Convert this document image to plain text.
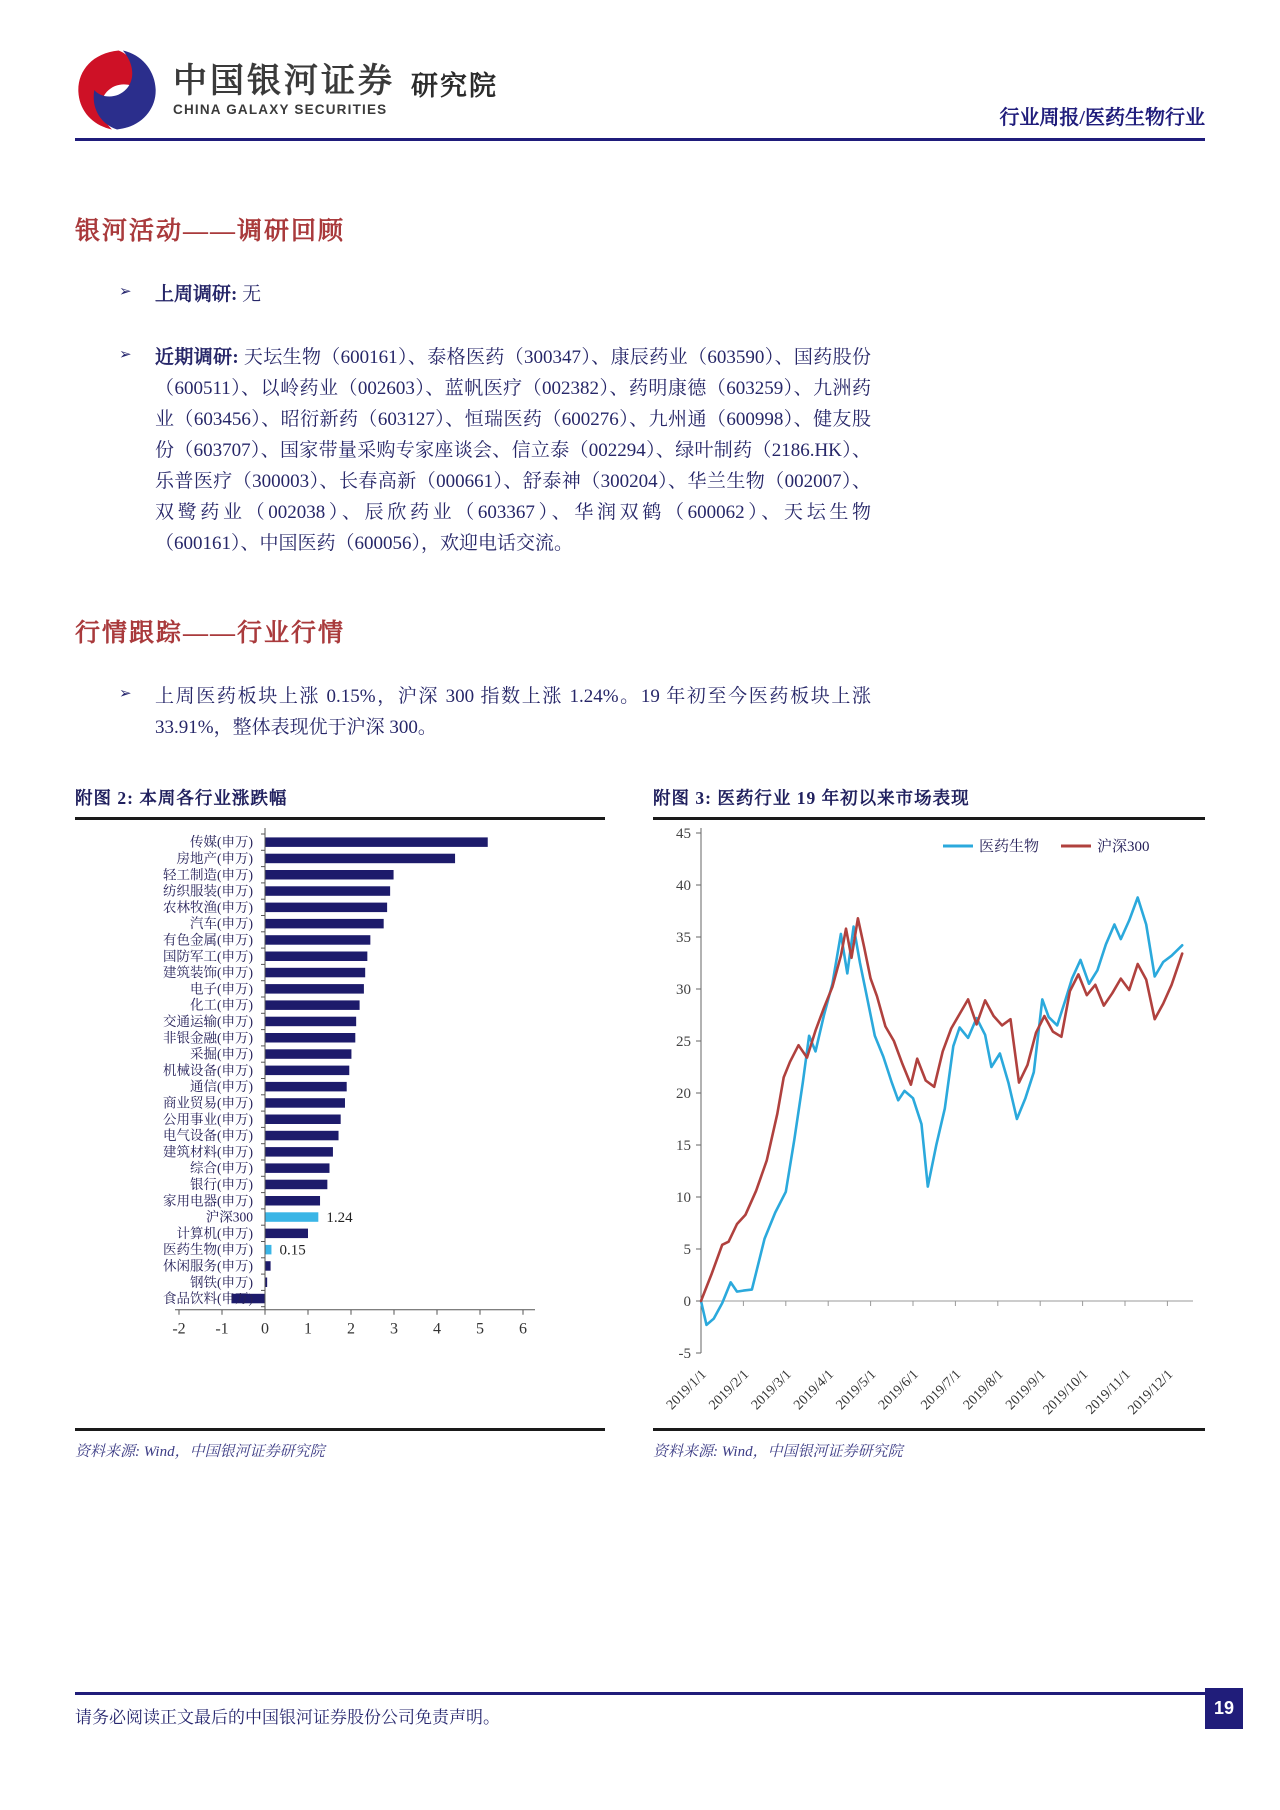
中国银河证券
CHINA GALAXY SECURITIES
研究院
行业周报/医药生物行业
银河活动——调研回顾
➢	上周调研: 无
➢	近期调研: 天坛生物（600161）、泰格医药（300347）、康辰药业（603590）、国药股份（600511）、以岭药业（002603）、蓝帆医疗（002382）、药明康德（603259）、九洲药业（603456）、昭衍新药（603127）、恒瑞医药（600276）、九州通（600998）、健友股份（603707）、国家带量采购专家座谈会、信立泰（002294）、绿叶制药（2186.HK）、乐普医疗（300003）、长春高新（000661）、舒泰神（300204）、华兰生物（002007）、双鹭药业（002038）、辰欣药业（603367）、华润双鹤（600062）、天坛生物（600161）、中国医药（600056），欢迎电话交流。
行情跟踪——行业行情
➢	上周医药板块上涨 0.15%，沪深 300 指数上涨 1.24%。19 年初至今医药板块上涨 33.91%，整体表现优于沪深 300。
附图 2: 本周各行业涨跌幅
传媒(申万)
房地产(申万)
轻工制造(申万)
纺织服装(申万)
农林牧渔(申万)
汽车(申万)
有色金属(申万)
国防军工(申万)
建筑装饰(申万)
电子(申万)
化工(申万)
交通运输(申万)
非银金融(申万)
采掘(申万)
机械设备(申万)
通信(申万)
商业贸易(申万)
公用事业(申万)
电气设备(申万)
建筑材料(申万)
综合(申万)
银行(申万)
家用电器(申万)
沪深300	1.24
计算机(申万)
医药生物(申万) 0.15
休闲服务(申万)
钢铁(申万)
食品饮料(申万)
-2 -1 0 1 2 3 4 5 6
资料来源: Wind，中国银河证券研究院
附图 3: 医药行业 19 年初以来市场表现
-5
0
5
10
15
20
25
30
35
40
45
2019/1/1
2019/2/1
2019/3/1
2019/4/1
2019/5/1
2019/6/1
2019/7/1
2019/8/1
2019/9/1
2019/10/1
2019/11/1
2019/12/1
医药生物	沪深300
资料来源: Wind，中国银河证券研究院
请务必阅读正文最后的中国银河证券股份公司免责声明。	19
